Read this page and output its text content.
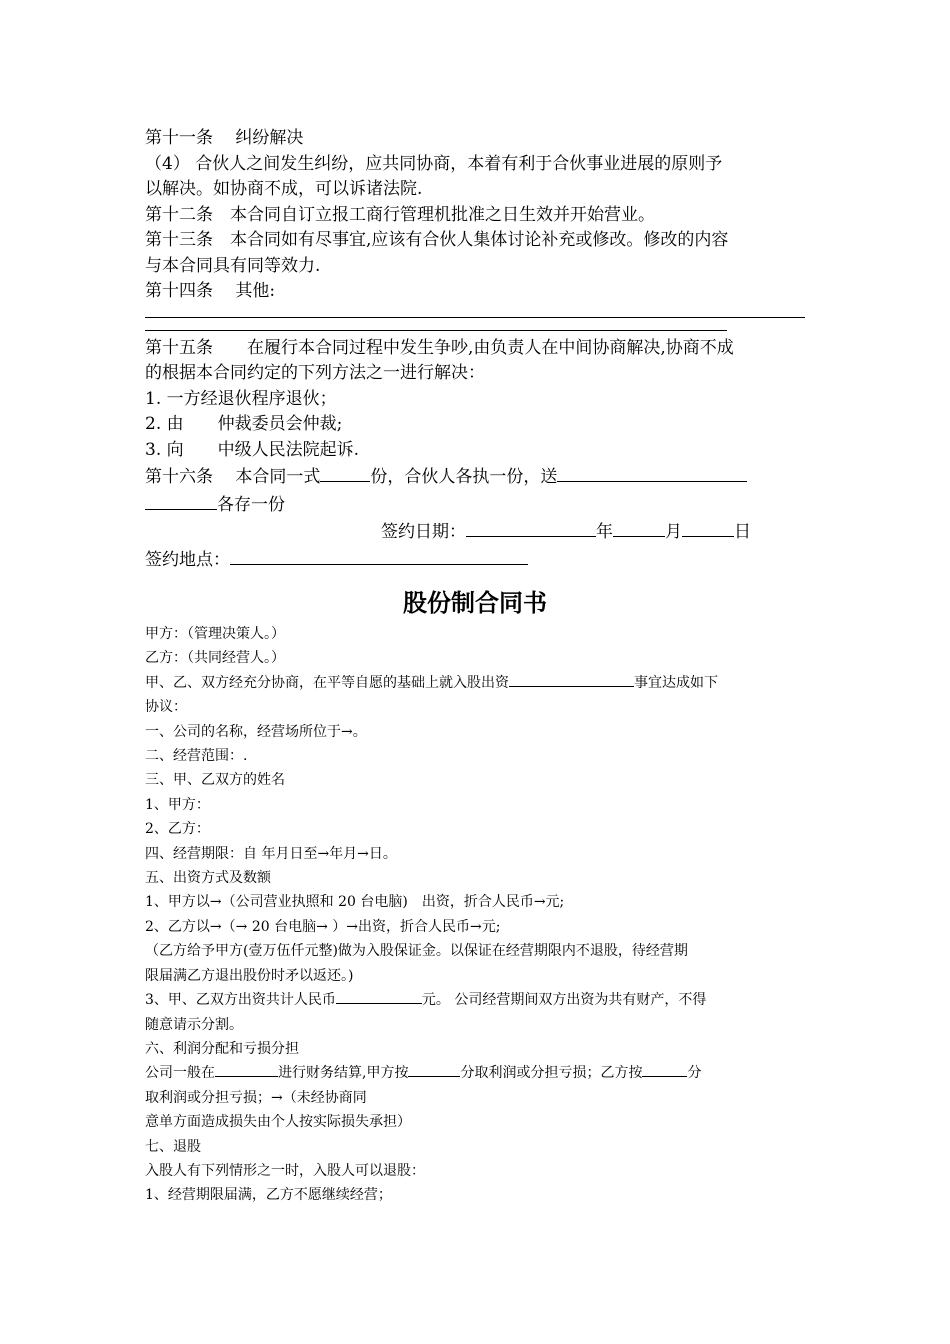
第十一条　 纠纷解决
（4） 合伙人之间发生纠纷，应共同协商，本着有利于合伙事业进展的原则予
以解决。如协商不成，可以诉诸法院.
第十二条　本合同自订立报工商行管理机批准之日生效并开始营业。
第十三条　本合同如有尽事宜,应该有合伙人集体讨论补充或修改。修改的内容
与本合同具有同等效力.
第十四条　 其他:
第十五条　　在履行本合同过程中发生争吵,由负责人在中间协商解决,协商不成
的根据本合同约定的下列方法之一进行解决：
1. 一方经退伙程序退伙；
2. 由　　仲裁委员会仲裁;
3. 向　　中级人民法院起诉.
第十六条　 本合同一式	份，合伙人各执一份，送
各存一份
签约日期：	年	月	日
签约地点：
股份制合同书
甲方：（管理决策人。）
乙方：（共同经营人。）
甲、乙、双方经充分协商，在平等自愿的基础上就入股出资	事宜达成如下
协议：
一、公司的名称，经营场所位于→。
二、经营范围：.
三、甲、乙双方的姓名
1、甲方：
2、乙方：
四、经营期限：自 年月日至→年月→日。
五、出资方式及数额
1、甲方以→（公司营业执照和 20 台电脑)　出资，折合人民币→元;
2、乙方以→（→ 20 台电脑→ ）→出资，折合人民币→元;
（乙方给予甲方(壹万伍仟元整)做为入股保证金。以保证在经营期限内不退股，待经营期
限届满乙方退出股份时矛以返还。)
3、甲、乙双方出资共计人民币	元。 公司经营期间双方出资为共有财产，不得
随意请示分割。
六、利润分配和亏损分担
公司一般在	进行财务结算,甲方按	分取利润或分担亏损；乙方按	分
取利润或分担亏损；→（未经协商同
意单方面造成损失由个人按实际损失承担）
七、退股
入股人有下列情形之一时，入股人可以退股：
1、经营期限届满，乙方不愿继续经营；
